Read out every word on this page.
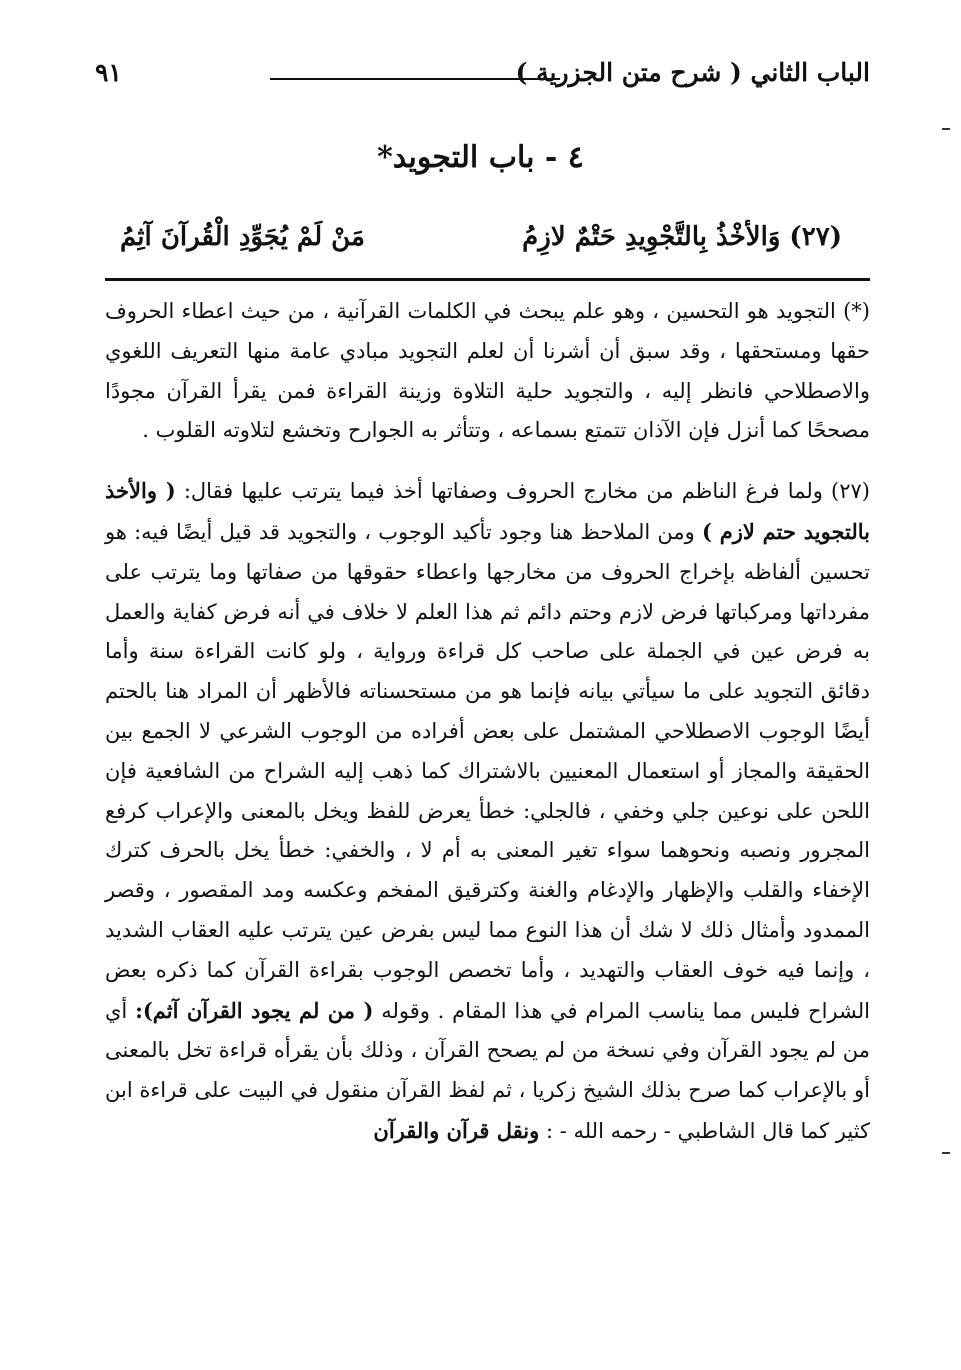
الباب الثاني ( شرح متن الجزرية )
٩١
٤ - باب التجويد*
(٢٧) وَالأخْذُ بِالتَّجْوِيدِ حَتْمٌ لازِمُ
مَنْ لَمْ يُجَوِّدِ الْقُرآنَ آثِمُ

(*) التجويد هو التحسين ، وهو علم يبحث في الكلمات القرآنية ، من حيث اعطاء الحروف حقها ومستحقها ، وقد سبق أن أشرنا أن لعلم التجويد مبادي عامة منها التعريف اللغوي والاصطلاحي فانظر إليه ، والتجويد حلية التلاوة وزينة القراءة فمن يقرأ القرآن مجودًا مصححًا كما أنزل فإن الآذان تتمتع بسماعه ، وتتأثر به الجوارح وتخشع لتلاوته القلوب .

(٢٧) ولما فرغ الناظم من مخارج الحروف وصفاتها أخذ فيما يترتب عليها فقال: ( والأخذ بالتجويد حتم لازم ) ومن الملاحظ هنا وجود تأكيد الوجوب ، والتجويد قد قيل أيضًا فيه: هو تحسين ألفاظه بإخراج الحروف من مخارجها واعطاء حقوقها من صفاتها وما يترتب على مفرداتها ومركباتها فرض لازم وحتم دائم ثم هذا العلم لا خلاف في أنه فرض كفاية والعمل به فرض عين في الجملة على صاحب كل قراءة ورواية ، ولو كانت القراءة سنة وأما دقائق التجويد على ما سيأتي بيانه فإنما هو من مستحسناته فالأظهر أن المراد هنا بالحتم أيضًا الوجوب الاصطلاحي المشتمل على بعض أفراده من الوجوب الشرعي لا الجمع بين الحقيقة والمجاز أو استعمال المعنيين بالاشتراك كما ذهب إليه الشراح من الشافعية فإن اللحن على نوعين جلي وخفي ، فالجلي: خطأ يعرض للفظ ويخل بالمعنى والإعراب كرفع المجرور ونصبه ونحوهما سواء تغير المعنى به أم لا ، والخفي: خطأ يخل بالحرف كترك الإخفاء والقلب والإظهار والإدغام والغنة وكترقيق المفخم وعكسه ومد المقصور ، وقصر الممدود وأمثال ذلك لا شك أن هذا النوع مما ليس بفرض عين يترتب عليه العقاب الشديد ، وإنما فيه خوف العقاب والتهديد ، وأما تخصص الوجوب بقراءة القرآن كما ذكره بعض الشراح فليس مما يناسب المرام في هذا المقام . وقوله ( من لم يجود القرآن آثم): أي من لم يجود القرآن وفي نسخة من لم يصحح القرآن ، وذلك بأن يقرأه قراءة تخل بالمعنى أو بالإعراب كما صرح بذلك الشيخ زكريا ، ثم لفظ القرآن منقول في البيت على قراءة ابن كثير كما قال الشاطبي - رحمه الله - : ونقل قرآن والقرآن
